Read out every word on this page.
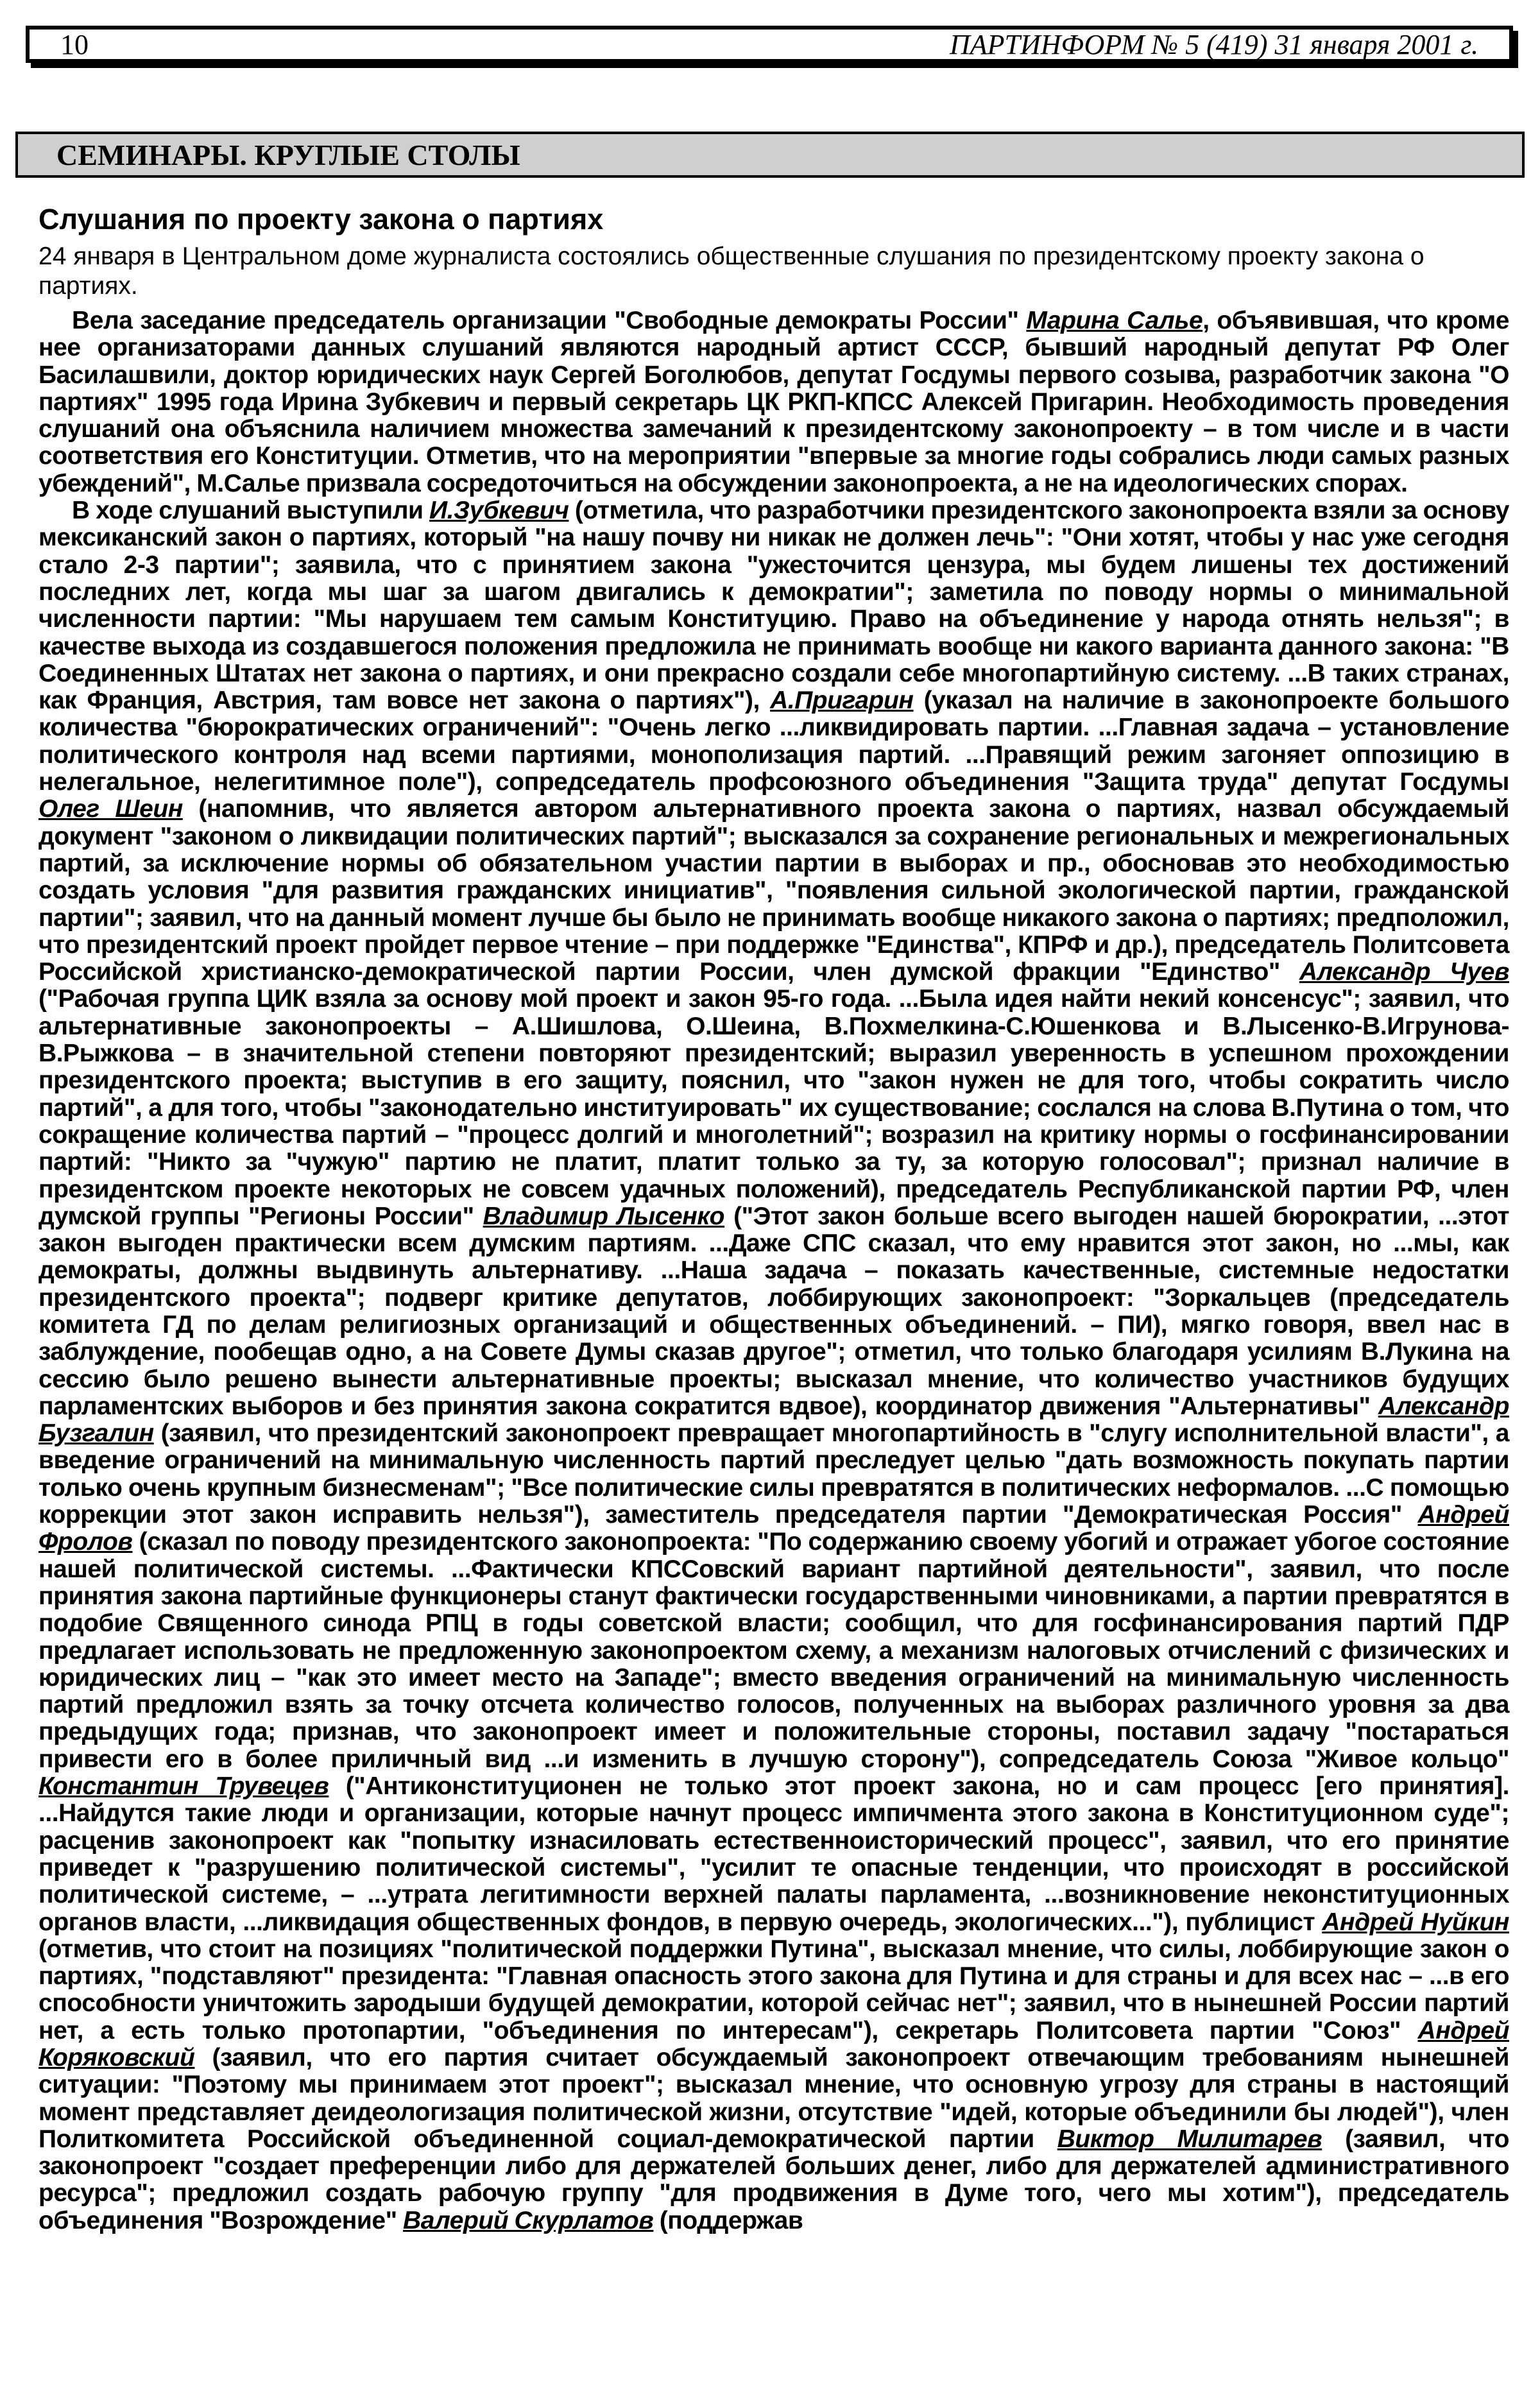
10	ПАРТИНФОРМ № 5 (419) 31 января 2001 г.
СЕМИНАРЫ. КРУГЛЫЕ СТОЛЫ
Слушания по проекту закона о партиях

24 января в Центральном доме журналиста состоялись общественные слушания по президентскому проекту закона о партиях.

Вела заседание председатель организации "Свободные демократы России" Марина Салье, объявившая, что кроме нее организаторами данных слушаний являются народный артист СССР, бывший народный депутат РФ Олег Басилашвили, доктор юридических наук Сергей Боголюбов, депутат Госдумы первого созыва, разработчик закона "О партиях" 1995 года Ирина Зубкевич и первый секретарь ЦК РКП-КПСС Алексей Пригарин. Необходимость проведения слушаний она объяснила наличием множества замечаний к президентскому законопроекту – в том числе и в части соответствия его Конституции. Отметив, что на мероприятии "впервые за многие годы собрались люди самых разных убеждений", М.Салье призвала сосредоточиться на обсуждении законопроекта, а не на идеологических спорах.

В ходе слушаний выступили И.Зубкевич (отметила, что разработчики президентского законопроекта взяли за основу мексиканский закон о партиях, который "на нашу почву ни никак не должен лечь": "Они хотят, чтобы у нас уже сегодня стало 2-3 партии"; заявила, что с принятием закона "ужесточится цензура, мы будем лишены тех достижений последних лет, когда мы шаг за шагом двигались к демократии"; заметила по поводу нормы о минимальной численности партии: "Мы нарушаем тем самым Конституцию. Право на объединение у народа отнять нельзя"; в качестве выхода из создавшегося положения предложила не принимать вообще ни какого варианта данного закона: "В Соединенных Штатах нет закона о партиях, и они прекрасно создали себе многопартийную систему. ...В таких странах, как Франция, Австрия, там вовсе нет закона о партиях"), А.Пригарин (указал на наличие в законопроекте большого количества "бюрократических ограничений": "Очень легко ...ликвидировать партии. ...Главная задача – установление политического контроля над всеми партиями, монополизация партий. ...Правящий режим загоняет оппозицию в нелегальное, нелегитимное поле"), сопредседатель профсоюзного объединения "Защита труда" депутат Госдумы Олег Шеин (напомнив, что является автором альтернативного проекта закона о партиях, назвал обсуждаемый документ "законом о ликвидации политических партий"; высказался за сохранение региональных и межрегиональных партий, за исключение нормы об обязательном участии партии в выборах и пр., обосновав это необходимостью создать условия "для развития гражданских инициатив", "появления сильной экологической партии, гражданской партии"; заявил, что на данный момент лучше бы было не принимать вообще никакого закона о партиях; предположил, что президентский проект пройдет первое чтение – при поддержке "Единства", КПРФ и др.), председатель Политсовета Российской христианско-демократической партии России, член думской фракции "Единство" Александр Чуев ("Рабочая группа ЦИК взяла за основу мой проект и закон 95-го года. ...Была идея найти некий консенсус"; заявил, что альтернативные законопроекты – А.Шишлова, О.Шеина, В.Похмелкина-С.Юшенкова и В.Лысенко-В.Игрунова-В.Рыжкова – в значительной степени повторяют президентский; выразил уверенность в успешном прохождении президентского проекта; выступив в его защиту, пояснил, что "закон нужен не для того, чтобы сократить число партий", а для того, чтобы "законодательно институировать" их существование; сослался на слова В.Путина о том, что сокращение количества партий – "процесс долгий и многолетний"; возразил на критику нормы о госфинансировании партий: "Никто за "чужую" партию не платит, платит только за ту, за которую голосовал"; признал наличие в президентском проекте некоторых не совсем удачных положений), председатель Республиканской партии РФ, член думской группы "Регионы России" Владимир Лысенко ("Этот закон больше всего выгоден нашей бюрократии, ...этот закон выгоден практически всем думским партиям. ...Даже СПС сказал, что ему нравится этот закон, но ...мы, как демократы, должны выдвинуть альтернативу. ...Наша задача – показать качественные, системные недостатки президентского проекта"; подверг критике депутатов, лоббирующих законопроект: "Зоркальцев (председатель комитета ГД по делам религиозных организаций и общественных объединений. – ПИ), мягко говоря, ввел нас в заблуждение, пообещав одно, а на Совете Думы сказав другое"; отметил, что только благодаря усилиям В.Лукина на сессию было решено вынести альтернативные проекты; высказал мнение, что количество участников будущих парламентских выборов и без принятия закона сократится вдвое), координатор движения "Альтернативы" Александр Бузгалин (заявил, что президентский законопроект превращает многопартийность в "слугу исполнительной власти", а введение ограничений на минимальную численность партий преследует целью "дать возможность покупать партии только очень крупным бизнесменам"; "Все политические силы превратятся в политических неформалов. ...С помощью коррекции этот закон исправить нельзя"), заместитель председателя партии "Демократическая Россия" Андрей Фролов (сказал по поводу президентского законопроекта: "По содержанию своему убогий и отражает убогое состояние нашей политической системы. ...Фактически КПССовский вариант партийной деятельности", заявил, что после принятия закона партийные функционеры станут фактически государственными чиновниками, а партии превратятся в подобие Священного синода РПЦ в годы советской власти; сообщил, что для госфинансирования партий ПДР предлагает использовать не предложенную законопроектом схему, а механизм налоговых отчислений с физических и юридических лиц – "как это имеет место на Западе"; вместо введения ограничений на минимальную численность партий предложил взять за точку отсчета количество голосов, полученных на выборах различного уровня за два предыдущих года; признав, что законопроект имеет и положительные стороны, поставил задачу "постараться привести его в более приличный вид ...и изменить в лучшую сторону"), сопредседатель Союза "Живое кольцо" Константин Трувецев ("Антиконституционен не только этот проект закона, но и сам процесс [его принятия]. ...Найдутся такие люди и организации, которые начнут процесс импичмента этого закона в Конституционном суде"; расценив законопроект как "попытку изнасиловать естественноисторический процесс", заявил, что его принятие приведет к "разрушению политической системы", "усилит те опасные тенденции, что происходят в российской политической системе, – ...утрата легитимности верхней палаты парламента, ...возникновение неконституционных органов власти, ...ликвидация общественных фондов, в первую очередь, экологических..."), публицист Андрей Нуйкин (отметив, что стоит на позициях "политической поддержки Путина", высказал мнение, что силы, лоббирующие закон о партиях, "подставляют" президента: "Главная опасность этого закона для Путина и для страны и для всех нас – ...в его способности уничтожить зародыши будущей демократии, которой сейчас нет"; заявил, что в нынешней России партий нет, а есть только протопартии, "объединения по интересам"), секретарь Политсовета партии "Союз" Андрей Коряковский (заявил, что его партия считает обсуждаемый законопроект отвечающим требованиям нынешней ситуации: "Поэтому мы принимаем этот проект"; высказал мнение, что основную угрозу для страны в настоящий момент представляет деидеологизация политической жизни, отсутствие "идей, которые объединили бы людей"), член Политкомитета Российской объединенной социал-демократической партии Виктор Милитарев (заявил, что законопроект "создает преференции либо для держателей больших денег, либо для держателей административного ресурса"; предложил создать рабочую группу "для продвижения в Думе того, чего мы хотим"), председатель объединения "Возрождение" Валерий Скурлатов (поддержав
